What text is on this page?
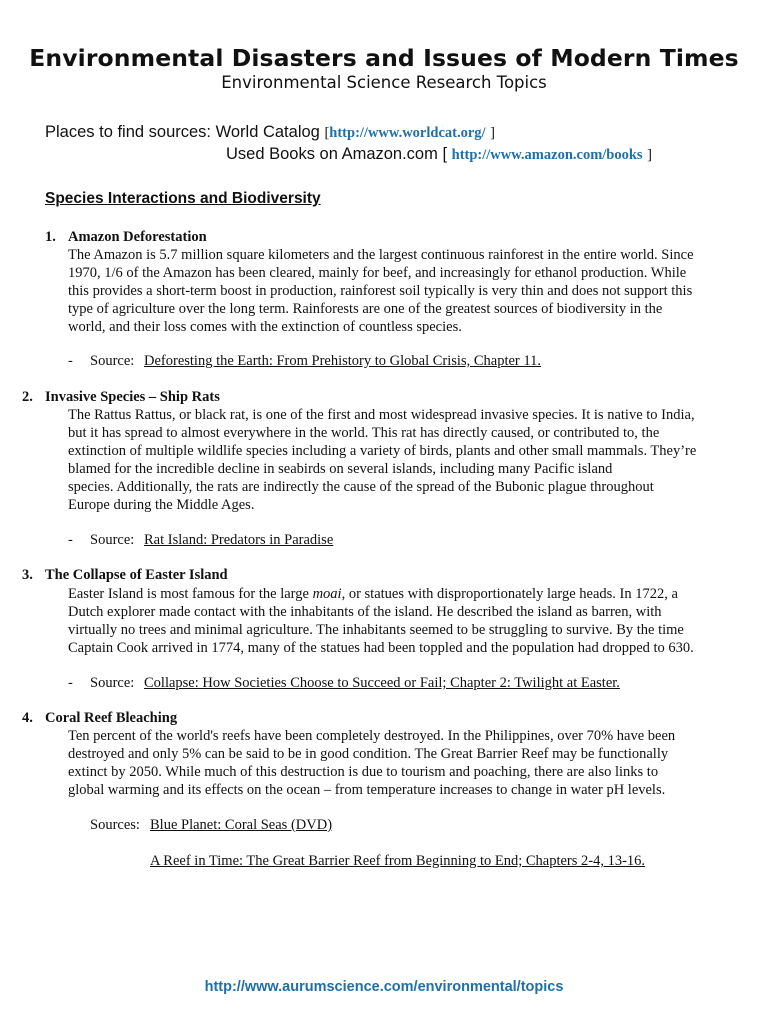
Environmental Disasters and Issues of Modern Times
Environmental Science Research Topics
Places to find sources: World Catalog [http://www.worldcat.org/ ]
Used Books on Amazon.com [ http://www.amazon.com/books ]
Species Interactions and Biodiversity
1. Amazon Deforestation

The Amazon is 5.7 million square kilometers and the largest continuous rainforest in the entire world. Since

1970, 1/6 of the Amazon has been cleared, mainly for beef, and increasingly for ethanol production. While

this provides a short-term boost in production, rainforest soil typically is very thin and does not support this

type of agriculture over the long term. Rainforests are one of the greatest sources of biodiversity in the

world, and their loss comes with the extinction of countless species.

- Source: Deforesting the Earth: From Prehistory to Global Crisis, Chapter 11.
2. Invasive Species – Ship Rats

The Rattus Rattus, or black rat, is one of the first and most widespread invasive species. It is native to India,

but it has spread to almost everywhere in the world. This rat has directly caused, or contributed to, the

extinction of multiple wildlife species including a variety of birds, plants and other small mammals. They’re

blamed for the incredible decline in seabirds on several islands, including many Pacific island

species. Additionally, the rats are indirectly the cause of the spread of the Bubonic plague throughout

Europe during the Middle Ages.

- Source: Rat Island: Predators in Paradise
3. The Collapse of Easter Island

Easter Island is most famous for the large moai, or statues with disproportionately large heads. In 1722, a

Dutch explorer made contact with the inhabitants of the island. He described the island as barren, with

virtually no trees and minimal agriculture. The inhabitants seemed to be struggling to survive. By the time

Captain Cook arrived in 1774, many of the statues had been toppled and the population had dropped to 630.

- Source: Collapse: How Societies Choose to Succeed or Fail; Chapter 2: Twilight at Easter.
4. Coral Reef Bleaching

Ten percent of the world's reefs have been completely destroyed. In the Philippines, over 70% have been

destroyed and only 5% can be said to be in good condition. The Great Barrier Reef may be functionally

extinct by 2050. While much of this destruction is due to tourism and poaching, there are also links to

global warming and its effects on the ocean – from temperature increases to change in water pH levels.

Sources: Blue Planet: Coral Seas (DVD)
A Reef in Time: The Great Barrier Reef from Beginning to End; Chapters 2-4, 13-16.
http://www.aurumscience.com/environmental/topics
